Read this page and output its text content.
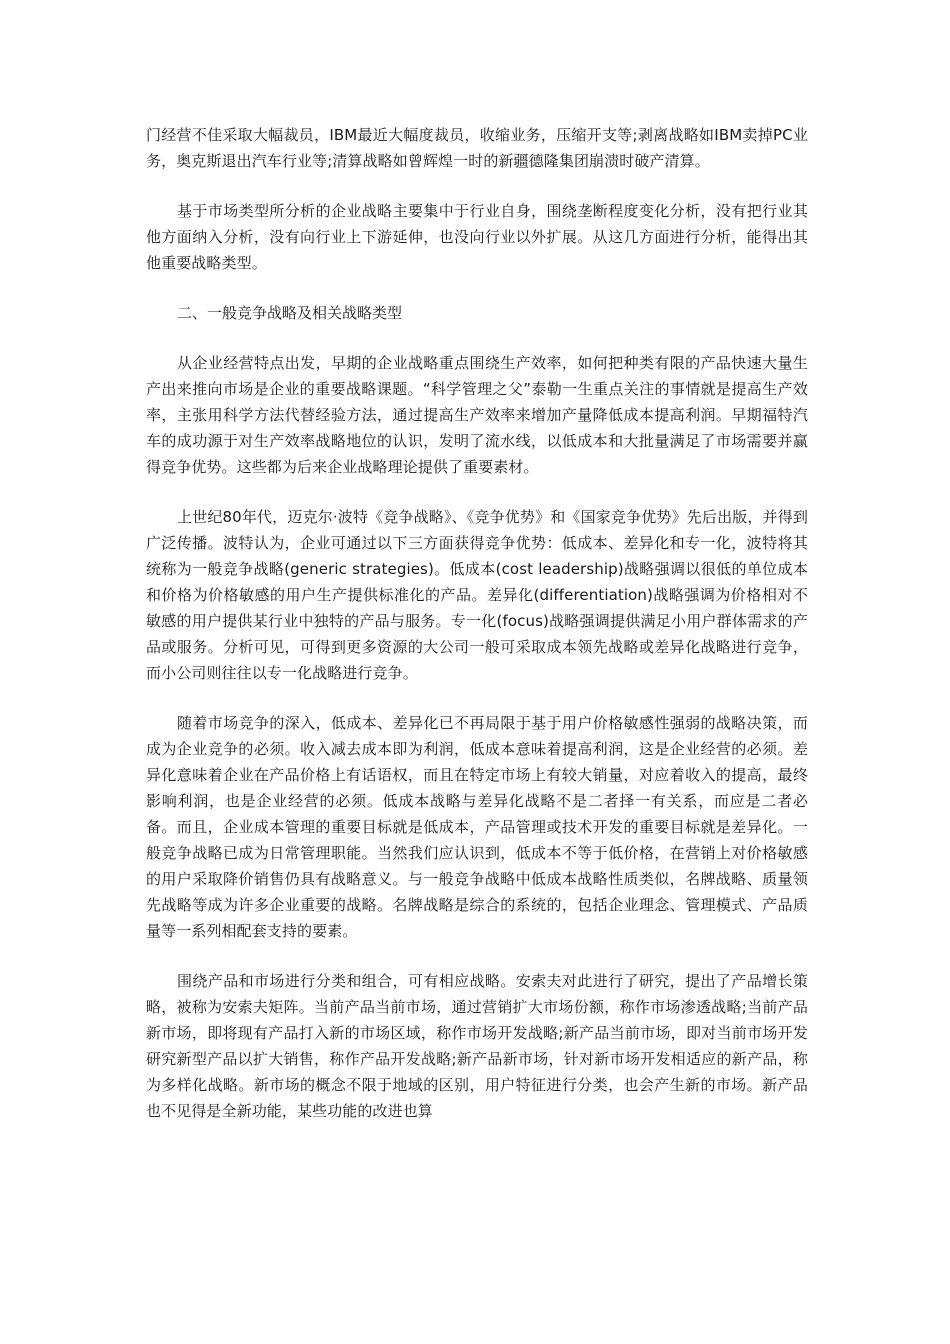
门经营不佳采取大幅裁员，IBM最近大幅度裁员，收缩业务，压缩开支等;剥离战略如IBM卖掉PC业务，奥克斯退出汽车行业等;清算战略如曾辉煌一时的新疆德隆集团崩溃时破产清算。

基于市场类型所分析的企业战略主要集中于行业自身，围绕垄断程度变化分析，没有把行业其他方面纳入分析，没有向行业上下游延伸，也没向行业以外扩展。从这几方面进行分析，能得出其他重要战略类型。

二、一般竞争战略及相关战略类型

从企业经营特点出发，早期的企业战略重点围绕生产效率，如何把种类有限的产品快速大量生产出来推向市场是企业的重要战略课题。“科学管理之父”泰勒一生重点关注的事情就是提高生产效率，主张用科学方法代替经验方法，通过提高生产效率来增加产量降低成本提高利润。早期福特汽车的成功源于对生产效率战略地位的认识，发明了流水线，以低成本和大批量满足了市场需要并赢得竞争优势。这些都为后来企业战略理论提供了重要素材。

上世纪80年代，迈克尔·波特《竞争战略》、《竞争优势》和《国家竞争优势》先后出版，并得到广泛传播。波特认为，企业可通过以下三方面获得竞争优势：低成本、差异化和专一化，波特将其统称为一般竞争战略(generic strategies)。低成本(cost leadership)战略强调以很低的单位成本和价格为价格敏感的用户生产提供标准化的产品。差异化(differentiation)战略强调为价格相对不敏感的用户提供某行业中独特的产品与服务。专一化(focus)战略强调提供满足小用户群体需求的产品或服务。分析可见，可得到更多资源的大公司一般可采取成本领先战略或差异化战略进行竞争，而小公司则往往以专一化战略进行竞争。

随着市场竞争的深入，低成本、差异化已不再局限于基于用户价格敏感性强弱的战略决策，而成为企业竞争的必须。收入减去成本即为利润，低成本意味着提高利润，这是企业经营的必须。差异化意味着企业在产品价格上有话语权，而且在特定市场上有较大销量，对应着收入的提高，最终影响利润，也是企业经营的必须。低成本战略与差异化战略不是二者择一有关系，而应是二者必备。而且，企业成本管理的重要目标就是低成本，产品管理或技术开发的重要目标就是差异化。一般竞争战略已成为日常管理职能。当然我们应认识到，低成本不等于低价格，在营销上对价格敏感的用户采取降价销售仍具有战略意义。与一般竞争战略中低成本战略性质类似，名牌战略、质量领先战略等成为许多企业重要的战略。名牌战略是综合的系统的，包括企业理念、管理模式、产品质量等一系列相配套支持的要素。

围绕产品和市场进行分类和组合，可有相应战略。安索夫对此进行了研究，提出了产品增长策略，被称为安索夫矩阵。当前产品当前市场，通过营销扩大市场份额，称作市场渗透战略;当前产品新市场，即将现有产品打入新的市场区域，称作市场开发战略;新产品当前市场，即对当前市场开发研究新型产品以扩大销售，称作产品开发战略;新产品新市场，针对新市场开发相适应的新产品，称为多样化战略。新市场的概念不限于地域的区别，用户特征进行分类，也会产生新的市场。新产品也不见得是全新功能，某些功能的改进也算
